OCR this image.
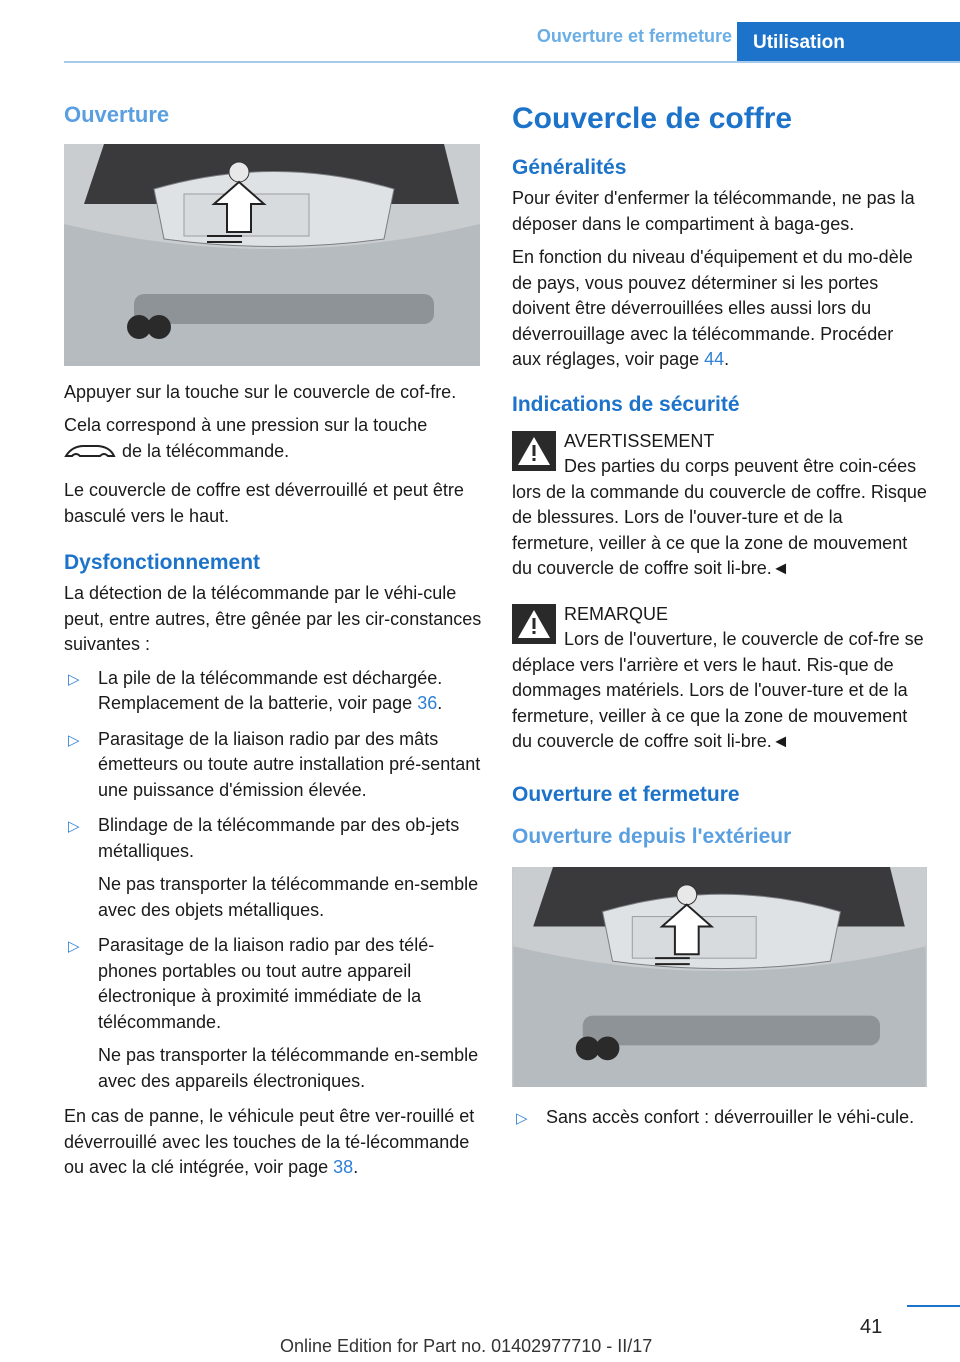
Ouverture et fermeture	Utilisation
Ouverture

Appuyer sur la touche sur le couvercle de cof-fre.

Cela correspond à une pression sur la touche
de la télécommande.

Le couvercle de coffre est déverrouillé et peut être basculé vers le haut.

Dysfonctionnement

La détection de la télécommande par le véhi-cule peut, entre autres, être gênée par les cir-constances suivantes :

▷ La pile de la télécommande est déchargée. Remplacement de la batterie, voir page 36.
▷ Parasitage de la liaison radio par des mâts émetteurs ou toute autre installation pré-sentant une puissance d'émission élevée.
▷ Blindage de la télécommande par des ob-jets métalliques.

Ne pas transporter la télécommande en-semble avec des objets métalliques.

▷ Parasitage de la liaison radio par des télé-phones portables ou tout autre appareil électronique à proximité immédiate de la télécommande.

Ne pas transporter la télécommande en-semble avec des appareils électroniques.

En cas de panne, le véhicule peut être ver-rouillé et déverrouillé avec les touches de la té-lécommande ou avec la clé intégrée, voir page 38.

Couvercle de coffre
Généralités

Pour éviter d'enfermer la télécommande, ne pas la déposer dans le compartiment à baga-ges.

En fonction du niveau d'équipement et du mo-dèle de pays, vous pouvez déterminer si les portes doivent être déverrouillées elles aussi lors du déverrouillage avec la télécommande. Procéder aux réglages, voir page 44.

Indications de sécurité
AVERTISSEMENT
Des parties du corps peuvent être coin-cées lors de la commande du couvercle de coffre. Risque de blessures. Lors de l'ouver-ture et de la fermeture, veiller à ce que la zone de mouvement du couvercle de coffre soit li-bre.◄
REMARQUE
Lors de l'ouverture, le couvercle de cof-fre se déplace vers l'arrière et vers le haut. Ris-que de dommages matériels. Lors de l'ouver-ture et de la fermeture, veiller à ce que la zone de mouvement du couvercle de coffre soit li-bre.◄
Ouverture et fermeture
Ouverture depuis l'extérieur
▷ Sans accès confort : déverrouiller le véhi-cule.
41
Online Edition for Part no. 01402977710 - II/17
